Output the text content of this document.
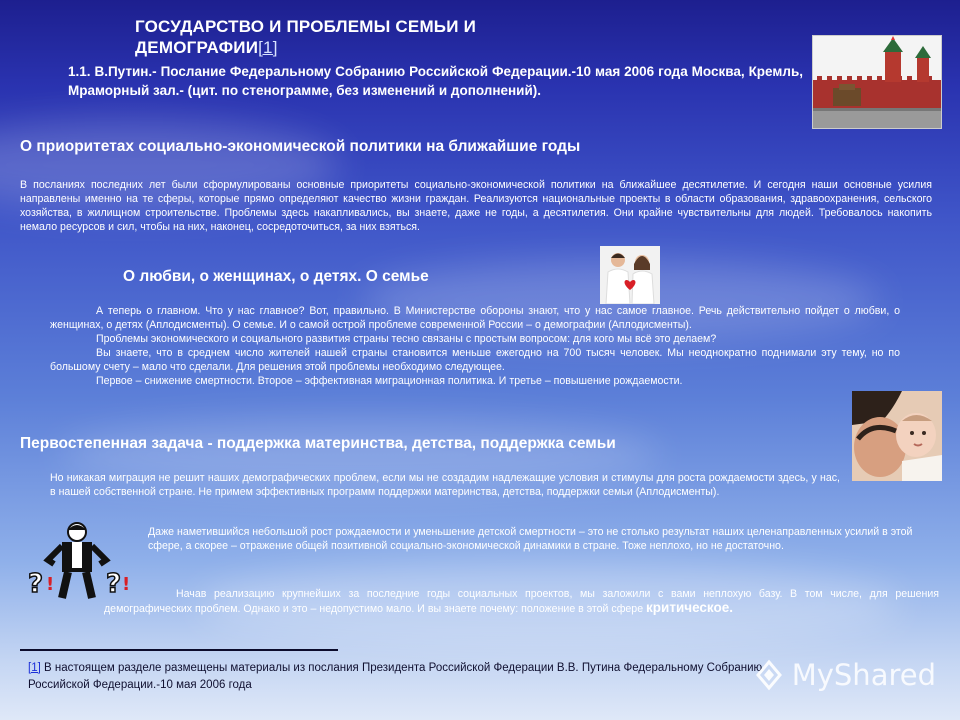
ГОСУДАРСТВО И ПРОБЛЕМЫ СЕМЬИ И
ДЕМОГРАФИИ[1]
1.1. В.Путин.- Послание Федеральному Собранию Российской Федерации.-10 мая 2006 года Москва, Кремль, Мраморный зал.- (цит. по стенограмме, без изменений и дополнений).
О приоритетах социально-экономической политики на ближайшие годы

В посланиях последних лет были сформулированы основные приоритеты социально-экономической политики на ближайшее десятилетие. И сегодня наши основные усилия направлены именно на те сферы, которые прямо определяют качество жизни граждан. Реализуются национальные проекты в области образования, здравоохранения, сельского хозяйства, в жилищном строительстве. Проблемы здесь накапливались, вы знаете, даже не годы, а десятилетия. Они крайне чувствительны для людей. Требовалось накопить немало ресурсов и сил, чтобы на них, наконец, сосредоточиться, за них взяться.

О любви, о женщинах, о детях. О семье

А теперь о главном. Что у нас главное? Вот, правильно. В Министерстве обороны знают, что у нас самое главное. Речь действительно пойдет о любви, о женщинах, о детях (Аплодисменты). О семье. И о самой острой проблеме современной России – о демографии (Аплодисменты).

Проблемы экономического и социального развития страны тесно связаны с простым вопросом: для кого мы всё это делаем?

Вы знаете, что в среднем число жителей нашей страны становится меньше ежегодно на 700 тысяч человек. Мы неоднократно поднимали эту тему, но по большому счету – мало что сделали. Для решения этой проблемы необходимо следующее.

Первое – снижение смертности. Второе – эффективная миграционная политика. И третье – повышение рождаемости.

Первостепенная задача - поддержка материнства, детства, поддержка семьи

Но никакая миграция не решит наших демографических проблем, если мы не создадим надлежащие условия и стимулы для роста рождаемости здесь, у нас, в нашей собственной стране. Не примем эффективных программ поддержки материнства, детства, поддержки семьи (Аплодисменты).

? ! ? !

Даже наметившийся небольшой рост рождаемости и уменьшение детской смертности – это не столько результат наших целенаправленных усилий в этой сфере, а скорее – отражение общей позитивной социально-экономической динамики в стране. Тоже неплохо, но не достаточно.

Начав реализацию крупнейших за последние годы социальных проектов, мы заложили с вами неплохую базу. В том числе, для решения демографических проблем. Однако и это – недопустимо мало. И вы знаете почему: положение в этой сфере критическое.

[1] В настоящем разделе размещены материалы из послания Президента Российской Федерации В.В. Путина Федеральному Собранию Российской Федерации.-10 мая 2006 года	MyShared
